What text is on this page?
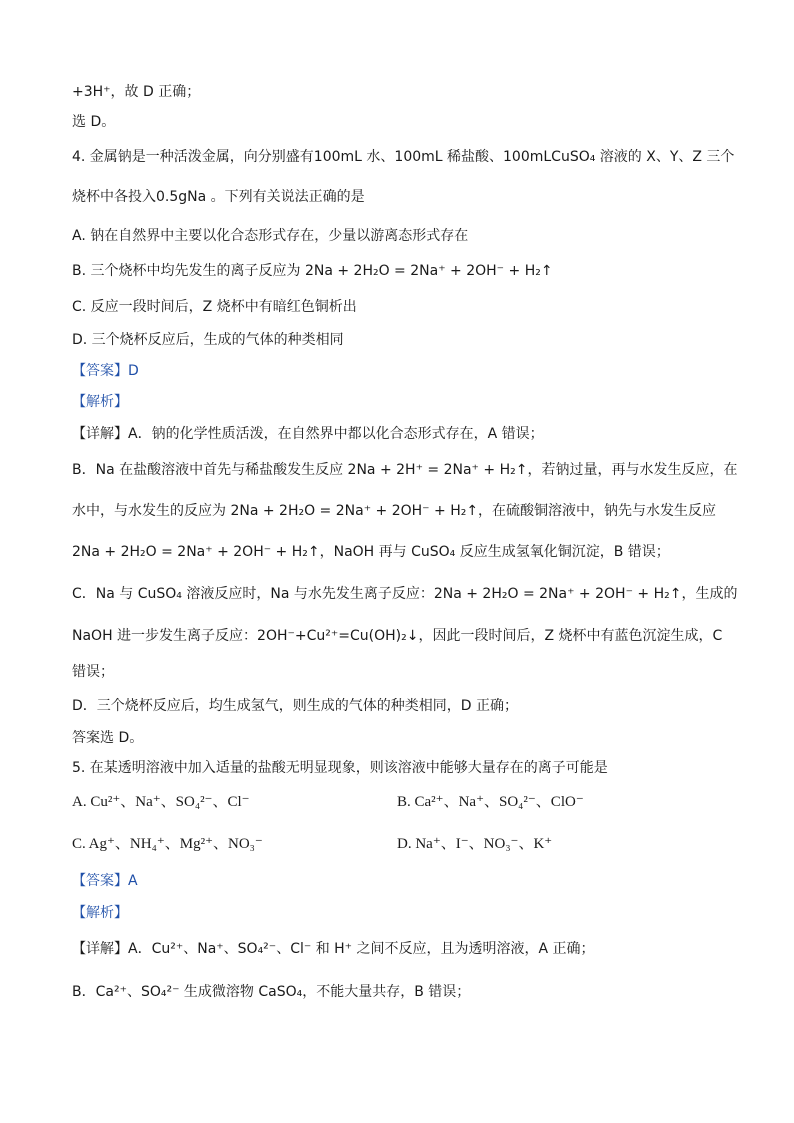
+3H⁺，故 D 正确；
选 D。
4. 金属钠是一种活泼金属，向分别盛有100mL 水、100mL 稀盐酸、100mLCuSO₄ 溶液的 X、Y、Z 三个
烧杯中各投入0.5gNa 。下列有关说法正确的是
A. 钠在自然界中主要以化合态形式存在，少量以游离态形式存在
B. 三个烧杯中均先发生的离子反应为 2Na + 2H₂O = 2Na⁺ + 2OH⁻ + H₂↑
C. 反应一段时间后，Z 烧杯中有暗红色铜析出
D. 三个烧杯反应后，生成的气体的种类相同
【答案】D
【解析】
【详解】A．钠的化学性质活泼，在自然界中都以化合态形式存在，A 错误；
B．Na 在盐酸溶液中首先与稀盐酸发生反应 2Na + 2H⁺ = 2Na⁺ + H₂↑，若钠过量，再与水发生反应，在
水中，与水发生的反应为 2Na + 2H₂O = 2Na⁺ + 2OH⁻ + H₂↑，在硫酸铜溶液中，钠先与水发生反应
2Na + 2H₂O = 2Na⁺ + 2OH⁻ + H₂↑，NaOH 再与 CuSO₄ 反应生成氢氧化铜沉淀，B 错误；
C．Na 与 CuSO₄ 溶液反应时，Na 与水先发生离子反应：2Na + 2H₂O = 2Na⁺ + 2OH⁻ + H₂↑，生成的
NaOH 进一步发生离子反应：2OH⁻+Cu²⁺=Cu(OH)₂↓，因此一段时间后，Z 烧杯中有蓝色沉淀生成，C
错误；
D．三个烧杯反应后，均生成氢气，则生成的气体的种类相同，D 正确；
答案选 D。
5. 在某透明溶液中加入适量的盐酸无明显现象，则该溶液中能够大量存在的离子可能是
A. Cu²⁺、Na⁺、SO₄²⁻、Cl⁻	B. Ca²⁺、Na⁺、SO₄²⁻、ClO⁻
C. Ag⁺、NH₄⁺、Mg²⁺、NO₃⁻	D. Na⁺、I⁻、NO₃⁻、K⁺
【答案】A
【解析】
【详解】A．Cu²⁺、Na⁺、SO₄²⁻、Cl⁻ 和 H⁺ 之间不反应，且为透明溶液，A 正确；
B．Ca²⁺、SO₄²⁻ 生成微溶物 CaSO₄，不能大量共存，B 错误；
